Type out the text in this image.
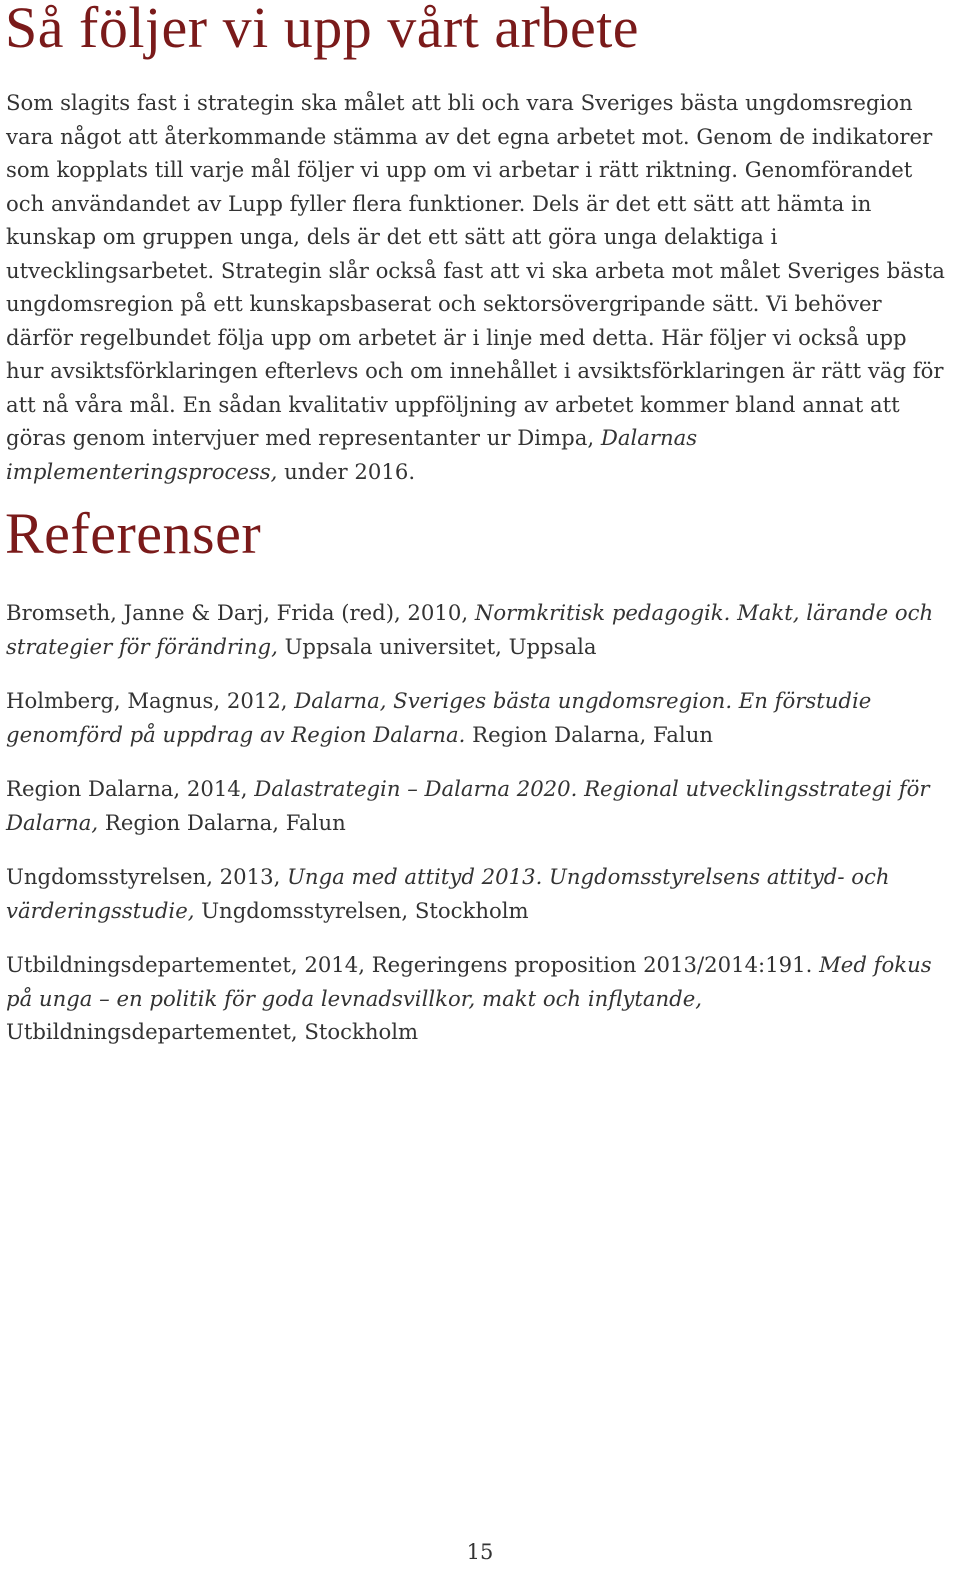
Så följer vi upp vårt arbete

Som slagits fast i strategin ska målet att bli och vara Sveriges bästa ungdomsregion vara något att återkommande stämma av det egna arbetet mot. Genom de indikatorer som kopplats till varje mål följer vi upp om vi arbetar i rätt riktning. Genomförandet och användandet av Lupp fyller flera funktioner. Dels är det ett sätt att hämta in kunskap om gruppen unga, dels är det ett sätt att göra unga delaktiga i utvecklingsarbetet. Strategin slår också fast att vi ska arbeta mot målet Sveriges bästa ungdomsregion på ett kunskapsbaserat och sektorsövergripande sätt. Vi behöver därför regelbundet följa upp om arbetet är i linje med detta. Här följer vi också upp hur avsiktsförklaringen efterlevs och om innehållet i avsiktsförklaringen är rätt väg för att nå våra mål. En sådan kvalitativ uppföljning av arbetet kommer bland annat att göras genom intervjuer med representanter ur Dimpa, Dalarnas implementeringsprocess, under 2016.

Referenser

Bromseth, Janne & Darj, Frida (red), 2010, Normkritisk pedagogik. Makt, lärande och strategier för förändring, Uppsala universitet, Uppsala

Holmberg, Magnus, 2012, Dalarna, Sveriges bästa ungdomsregion. En förstudie genomförd på uppdrag av Region Dalarna. Region Dalarna, Falun

Region Dalarna, 2014, Dalastrategin – Dalarna 2020. Regional utvecklingsstrategi för Dalarna, Region Dalarna, Falun

Ungdomsstyrelsen, 2013, Unga med attityd 2013. Ungdomsstyrelsens attityd- och värderingsstudie, Ungdomsstyrelsen, Stockholm

Utbildningsdepartementet, 2014, Regeringens proposition 2013/2014:191. Med fokus på unga – en politik för goda levnadsvillkor, makt och inflytande, Utbildningsdepartementet, Stockholm

15
